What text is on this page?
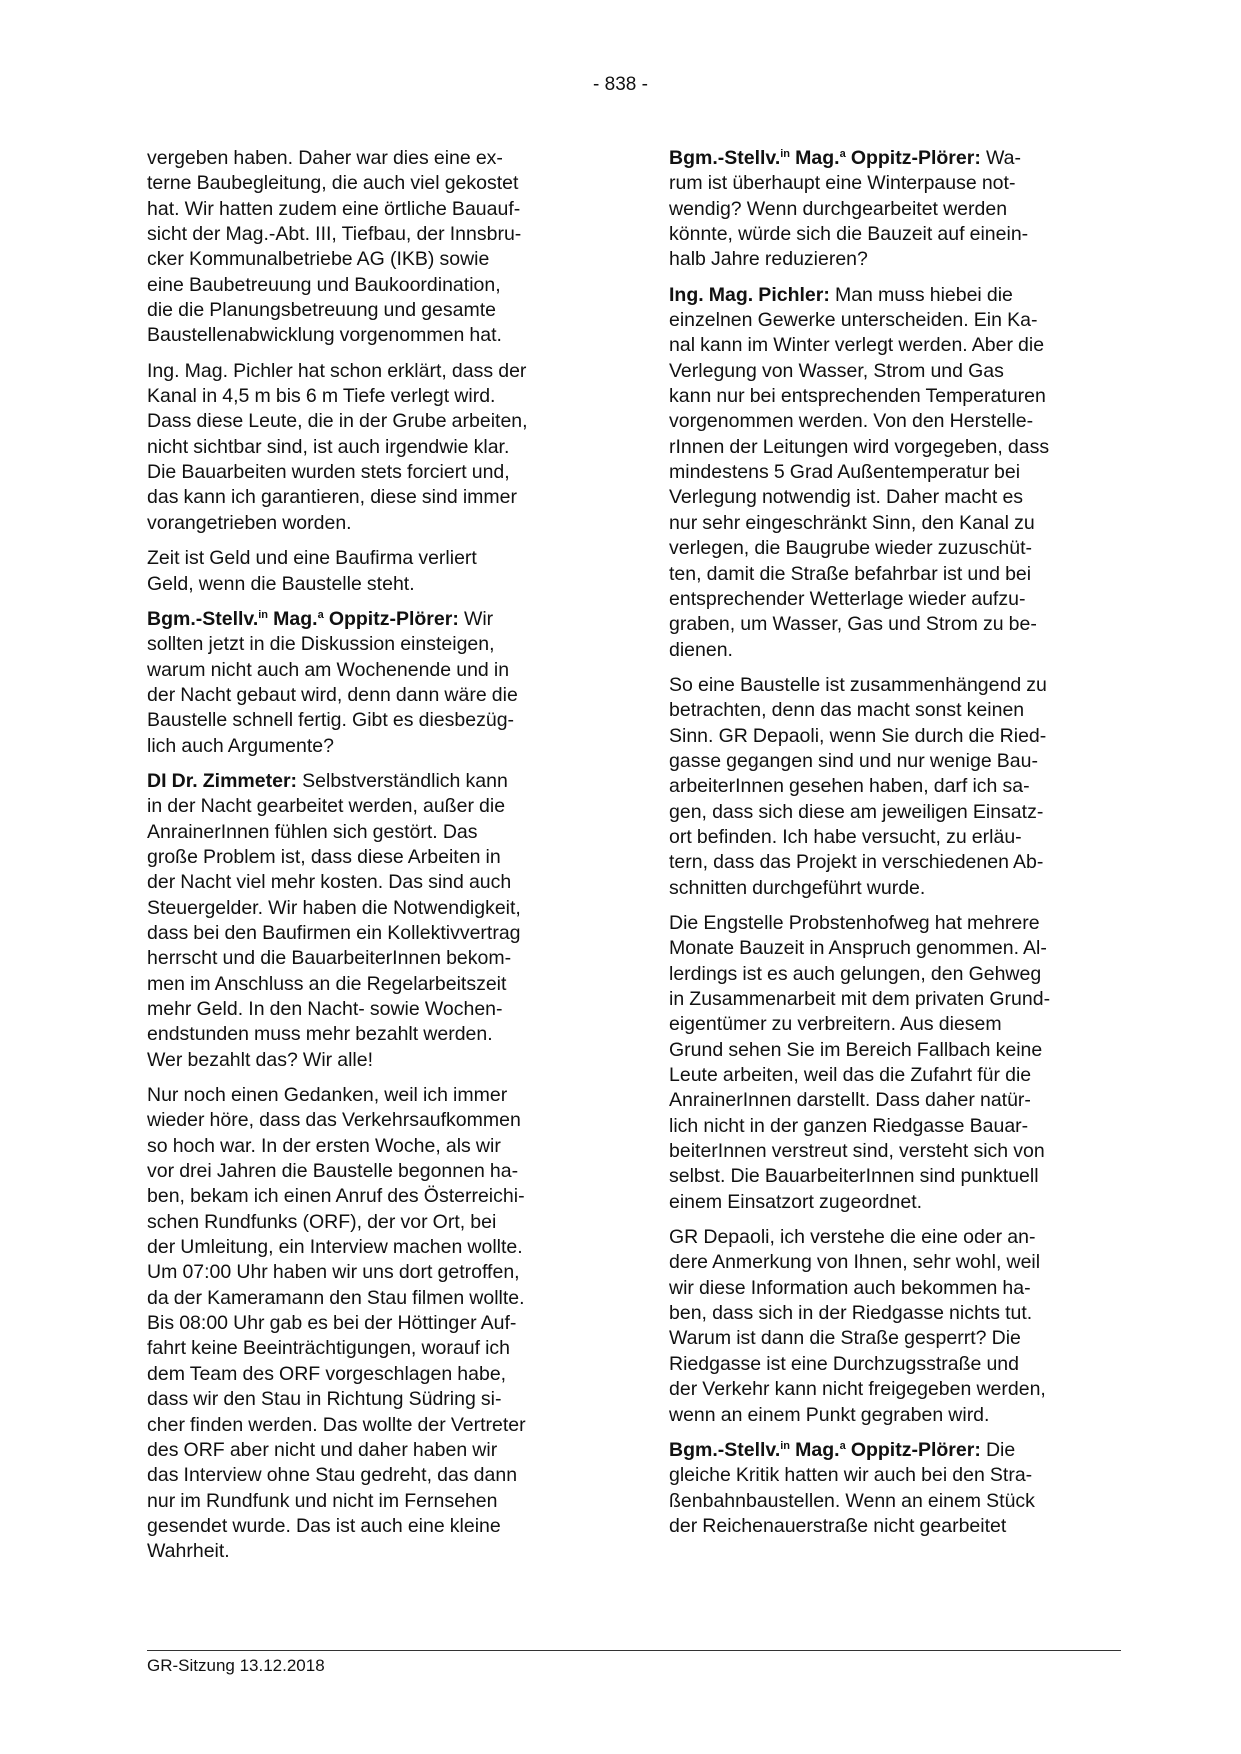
- 838 -

vergeben haben. Daher war dies eine ex-
terne Baubegleitung, die auch viel gekostet
hat. Wir hatten zudem eine örtliche Bauauf-
sicht der Mag.-Abt. III, Tiefbau, der Innsbru-
cker Kommunalbetriebe AG (IKB) sowie
eine Baubetreuung und Baukoordination,
die die Planungsbetreuung und gesamte
Baustellenabwicklung vorgenommen hat.

Ing. Mag. Pichler hat schon erklärt, dass der
Kanal in 4,5 m bis 6 m Tiefe verlegt wird.
Dass diese Leute, die in der Grube arbeiten,
nicht sichtbar sind, ist auch irgendwie klar.
Die Bauarbeiten wurden stets forciert und,
das kann ich garantieren, diese sind immer
vorangetrieben worden.

Zeit ist Geld und eine Baufirma verliert
Geld, wenn die Baustelle steht.

Bgm.-Stellv.$^{in}$ Mag.$^a$ Oppitz-Plörer: Wir
sollten jetzt in die Diskussion einsteigen,
warum nicht auch am Wochenende und in
der Nacht gebaut wird, denn dann wäre die
Baustelle schnell fertig. Gibt es diesbezüg-
lich auch Argumente?

DI Dr. Zimmeter: Selbstverständlich kann
in der Nacht gearbeitet werden, außer die
AnrainerInnen fühlen sich gestört. Das
große Problem ist, dass diese Arbeiten in
der Nacht viel mehr kosten. Das sind auch
Steuergelder. Wir haben die Notwendigkeit,
dass bei den Baufirmen ein Kollektivvertrag
herrscht und die BauarbeiterInnen bekom-
men im Anschluss an die Regelarbeitszeit
mehr Geld. In den Nacht- sowie Wochen-
endstunden muss mehr bezahlt werden.
Wer bezahlt das? Wir alle!

Nur noch einen Gedanken, weil ich immer
wieder höre, dass das Verkehrsaufkommen
so hoch war. In der ersten Woche, als wir
vor drei Jahren die Baustelle begonnen ha-
ben, bekam ich einen Anruf des Österreichi-
schen Rundfunks (ORF), der vor Ort, bei
der Umleitung, ein Interview machen wollte.
Um 07:00 Uhr haben wir uns dort getroffen,
da der Kameramann den Stau filmen wollte.
Bis 08:00 Uhr gab es bei der Höttinger Auf-
fahrt keine Beeinträchtigungen, worauf ich
dem Team des ORF vorgeschlagen habe,
dass wir den Stau in Richtung Südring si-
cher finden werden. Das wollte der Vertreter
des ORF aber nicht und daher haben wir
das Interview ohne Stau gedreht, das dann
nur im Rundfunk und nicht im Fernsehen
gesendet wurde. Das ist auch eine kleine
Wahrheit.

Bgm.-Stellv.$^{in}$ Mag.$^a$ Oppitz-Plörer: Wa-
rum ist überhaupt eine Winterpause not-
wendig? Wenn durchgearbeitet werden
könnte, würde sich die Bauzeit auf einein-
halb Jahre reduzieren?

Ing. Mag. Pichler: Man muss hiebei die
einzelnen Gewerke unterscheiden. Ein Ka-
nal kann im Winter verlegt werden. Aber die
Verlegung von Wasser, Strom und Gas
kann nur bei entsprechenden Temperaturen
vorgenommen werden. Von den Herstelle-
rInnen der Leitungen wird vorgegeben, dass
mindestens 5 Grad Außentemperatur bei
Verlegung notwendig ist. Daher macht es
nur sehr eingeschränkt Sinn, den Kanal zu
verlegen, die Baugrube wieder zuzuschüt-
ten, damit die Straße befahrbar ist und bei
entsprechender Wetterlage wieder aufzu-
graben, um Wasser, Gas und Strom zu be-
dienen.

So eine Baustelle ist zusammenhängend zu
betrachten, denn das macht sonst keinen
Sinn. GR Depaoli, wenn Sie durch die Ried-
gasse gegangen sind und nur wenige Bau-
arbeiterInnen gesehen haben, darf ich sa-
gen, dass sich diese am jeweiligen Einsatz-
ort befinden. Ich habe versucht, zu erläu-
tern, dass das Projekt in verschiedenen Ab-
schnitten durchgeführt wurde.

Die Engstelle Probstenhofweg hat mehrere
Monate Bauzeit in Anspruch genommen. Al-
lerdings ist es auch gelungen, den Gehweg
in Zusammenarbeit mit dem privaten Grund-
eigentümer zu verbreitern. Aus diesem
Grund sehen Sie im Bereich Fallbach keine
Leute arbeiten, weil das die Zufahrt für die
AnrainerInnen darstellt. Dass daher natür-
lich nicht in der ganzen Riedgasse Bauar-
beiterInnen verstreut sind, versteht sich von
selbst. Die BauarbeiterInnen sind punktuell
einem Einsatzort zugeordnet.

GR Depaoli, ich verstehe die eine oder an-
dere Anmerkung von Ihnen, sehr wohl, weil
wir diese Information auch bekommen ha-
ben, dass sich in der Riedgasse nichts tut.
Warum ist dann die Straße gesperrt? Die
Riedgasse ist eine Durchzugsstraße und
der Verkehr kann nicht freigegeben werden,
wenn an einem Punkt gegraben wird.

Bgm.-Stellv.$^{in}$ Mag.$^a$ Oppitz-Plörer: Die
gleiche Kritik hatten wir auch bei den Stra-
ßenbahnbaustellen. Wenn an einem Stück
der Reichenauerstraße nicht gearbeitet

GR-Sitzung 13.12.2018
